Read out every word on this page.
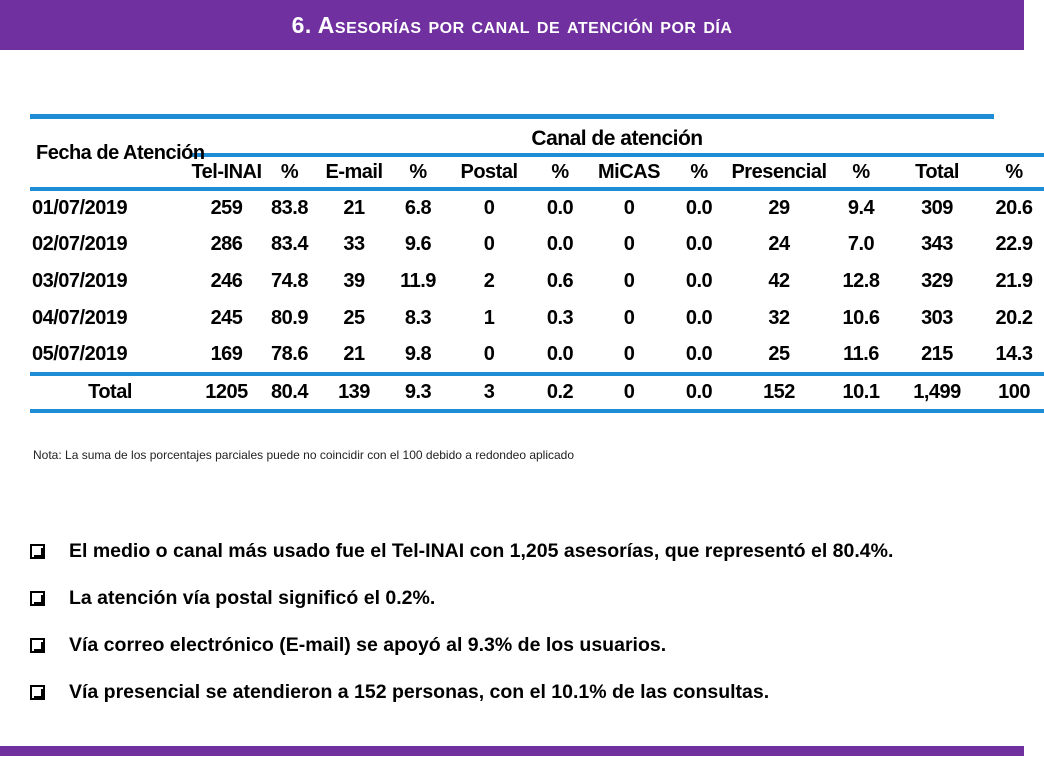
6. Asesorías por canal de atención por día
Fecha de Atención	Canal de atención											
	Tel-INAI	%	E-mail	%	Postal	%	MiCAS	%	Presencial	%	Total	%
01/07/2019	259	83.8	21	6.8	0	0.0	0	0.0	29	9.4	309	20.6
02/07/2019	286	83.4	33	9.6	0	0.0	0	0.0	24	7.0	343	22.9
03/07/2019	246	74.8	39	11.9	2	0.6	0	0.0	42	12.8	329	21.9
04/07/2019	245	80.9	25	8.3	1	0.3	0	0.0	32	10.6	303	20.2
05/07/2019	169	78.6	21	9.8	0	0.0	0	0.0	25	11.6	215	14.3
Total	1205	80.4	139	9.3	3	0.2	0	0.0	152	10.1	1,499	100
Nota: La suma de los porcentajes parciales puede no coincidir con el 100 debido a redondeo aplicado
El medio o canal más usado fue el Tel-INAI con 1,205 asesorías, que representó el 80.4%.
La atención vía postal significó el 0.2%.
Vía correo electrónico (E-mail) se apoyó al 9.3% de los usuarios.
Vía presencial se atendieron a 152 personas, con el 10.1% de las consultas.
